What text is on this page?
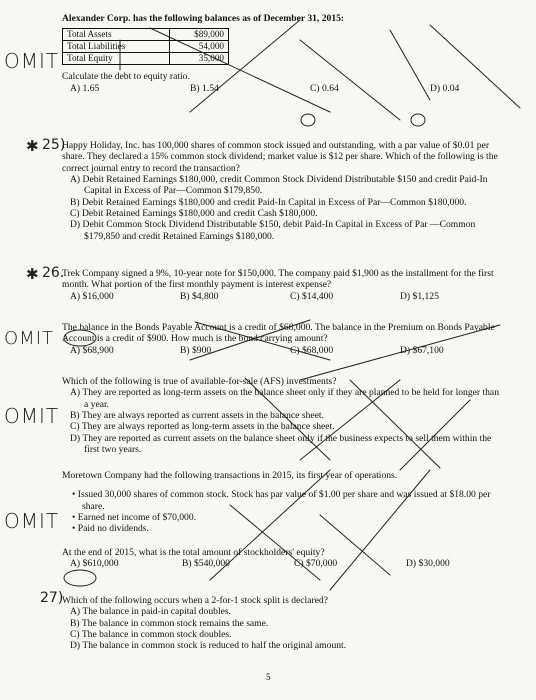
OMIT
OMIT
OMIT
OMIT
Alexander Corp. has the following balances as of December 31, 2015:
Total Assets	$89,000
Total Liabilities	54,000
Total Equity	35,000
Calculate the debt to equity ratio.
A) 1.65	B) 1.54	C) 0.64	D) 0.04
✱ 25)
Happy Holiday, Inc. has 100,000 shares of common stock issued and outstanding, with a par value of $0.01 per share. They declared a 15% common stock dividend; market value is $12 per share. Which of the following is the correct journal entry to record the transaction?
A) Debit Retained Earnings $180,000, credit Common Stock Dividend Distributable $150 and credit Paid-In Capital in Excess of Par—Common $179,850.
B) Debit Retained Earnings $180,000 and credit Paid-In Capital in Excess of Par—Common $180,000.
C) Debit Retained Earnings $180,000 and credit Cash $180,000.
D) Debit Common Stock Dividend Distributable $150, debit Paid-In Capital in Excess of Par —Common $179,850 and credit Retained Earnings $180,000.
✱ 26.
Trek Company signed a 9%, 10-year note for $150,000. The company paid $1,900 as the installment for the first month. What portion of the first monthly payment is interest expense?
A) $16,000	B) $4,800	C) $14,400	D) $1,125
The balance in the Bonds Payable Account is a credit of $68,000. The balance in the Premium on Bonds Payable Account is a credit of $900. How much is the bond carrying amount?
A) $68,900	B) $900	C) $68,000	D) $67,100
Which of the following is true of available-for-sale (AFS) investments?
A) They are reported as long-term assets on the balance sheet only if they are planned to be held for longer than a year.
B) They are always reported as current assets in the balance sheet.
C) They are always reported as long-term assets in the balance sheet.
D) They are reported as current assets on the balance sheet only if the business expects to sell them within the first two years.
Moretown Company had the following transactions in 2015, its first year of operations.
• Issued 30,000 shares of common stock. Stock has par value of $1.00 per share and was issued at $18.00 per share.
• Earned net income of $70,000.
• Paid no dividends.
At the end of 2015, what is the total amount of stockholders' equity?
A) $610,000	B) $540,000	C) $70,000	D) $30,000
27)
Which of the following occurs when a 2-for-1 stock split is declared?
A) The balance in paid-in capital doubles.
B) The balance in common stock remains the same.
C) The balance in common stock doubles.
D) The balance in common stock is reduced to half the original amount.
5
